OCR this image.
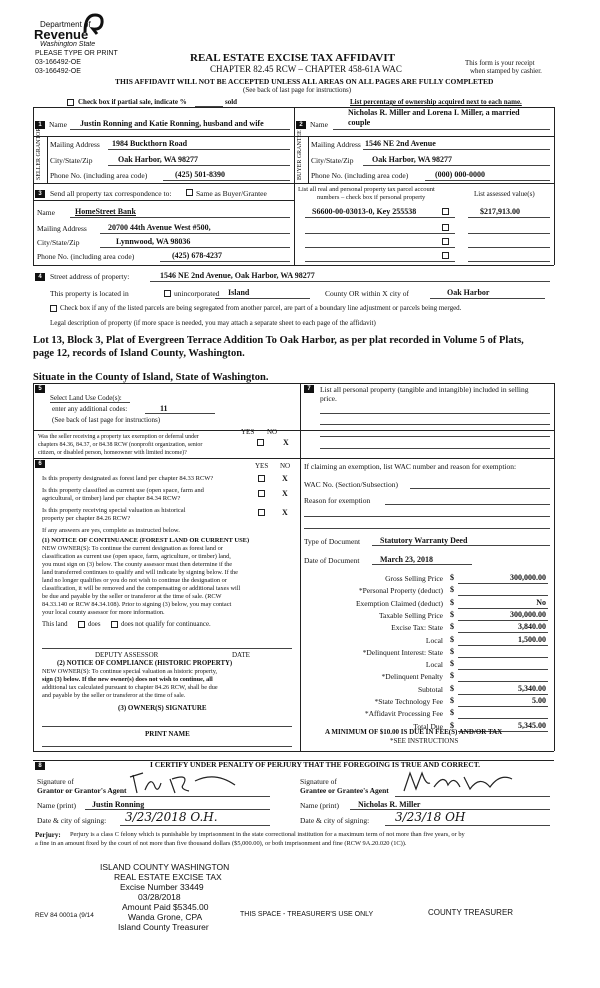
Department of
Revenue
Washington State
PLEASE TYPE OR PRINT
03-166492-OE
03-166492-OE
REAL ESTATE EXCISE TAX AFFIDAVIT
CHAPTER 82.45 RCW – CHAPTER 458-61A WAC
This form is your receipt
when stamped by cashier.
THIS AFFIDAVIT WILL NOT BE ACCEPTED UNLESS ALL AREAS ON ALL PAGES ARE FULLY COMPLETED
(See back of last page for instructions)
Check box if partial sale, indicate %	sold	List percentage of ownership acquired next to each name.
1 Name Justin Ronning and Katie Ronning, husband and wife
SELLER GRANTOR Mailing Address 1984 Buckthorn Road
City/State/Zip	Oak Harbor, WA 98277
Phone No. (including area code)	(425) 501-8390
2 Name
Nicholas R. Miller and Lorena I. Miller, a married
couple
BUYER GRANTEE Mailing Address 1546 NE 2nd Avenue
City/State/Zip Oak Harbor, WA 98277
Phone No. (including area code)	(000) 000-0000
3	Send all property tax correspondence to:	Same as Buyer/Grantee
Name	HomeStreet Bank
Mailing Address	20700 44th Avenue West #500,
City/State/Zip	Lynnwood, WA 98036
Phone No. (including area code)	(425) 678-4237
List all real and personal property tax parcel account
numbers – check box if personal property	List assessed value(s)
S6600-00-03013-0, Key 255538	$217,913.00
4	Street address of property:	1546 NE 2nd Avenue, Oak Harbor, WA 98277
This property is located in	unincorporated Island	County OR within X city of	Oak Harbor
Check box if any of the listed parcels are being segregated from another parcel, are part of a boundary line adjustment or parcels being merged.
Legal description of property (if more space is needed, you may attach a separate sheet to each page of the affidavit)
Lot 13, Block 3, Plat of Evergreen Terrace Addition To Oak Harbor, as per plat recorded in Volume 5 of Plats,
page 12, records of Island County, Washington.
Situate in the County of Island, State of Washington.
5
Select Land Use Code(s):
enter any additional codes:	11
(See back of last page for instructions)
YES NO
Was the seller receiving a property tax exemption or deferral under
chapters 84.36, 84.37, or 84.38 RCW (nonprofit organization, senior
citizen, or disabled person, homeowner with limited income)?
X
6	YES NO
Is this property designated as forest land per chapter 84.33 RCW?	X
Is this property classified as current use (open space, farm and
agricultural, or timber) land per chapter 84.34 RCW?
X
Is this property receiving special valuation as historical
property per chapter 84.26 RCW?
X
If any answers are yes, complete as instructed below.
(1) NOTICE OF CONTINUANCE (FOREST LAND OR CURRENT USE)
NEW OWNER(S): To continue the current designation as forest land or
classification as current use (open space, farm, agriculture, or timber) land,
you must sign on (3) below. The county assessor must then determine if the
land transferred continues to qualify and will indicate by signing below. If the
land no longer qualifies or you do not wish to continue the designation or
classification, it will be removed and the compensating or additional taxes will
be due and payable by the seller or transferor at the time of sale. (RCW
84.33.140 or RCW 84.34.108). Prior to signing (3) below, you may contact
your local county assessor for more information.
This land	does	does not qualify for continuance.
DEPUTY ASSESSOR	DATE
(2) NOTICE OF COMPLIANCE (HISTORIC PROPERTY)
NEW OWNER(S): To continue special valuation as historic property,
sign (3) below. If the new owner(s) does not wish to continue, all
additional tax calculated pursuant to chapter 84.26 RCW, shall be due
and payable by the seller or transferor at the time of sale.
(3) OWNER(S) SIGNATURE
PRINT NAME
7	List all personal property (tangible and intangible) included in selling
price.
If claiming an exemption, list WAC number and reason for exemption:
WAC No. (Section/Subsection)
Reason for exemption
Type of Document Statutory Warranty Deed
Date of Document	March 23, 2018
Gross Selling Price $	300,000.00
*Personal Property (deduct) $
Exemption Claimed (deduct) $	No
Taxable Selling Price $	300,000.00
Excise Tax: State $	3,840.00
Local $	1,500.00
*Delinquent Interest: State $
Local $
*Delinquent Penalty $
Subtotal $	5,340.00
*State Technology Fee $	5.00
*Affidavit Processing Fee $
Total Due $	5,345.00
A MINIMUM OF $10.00 IS DUE IN FEE(S) AND/OR TAX
*SEE INSTRUCTIONS
8	I CERTIFY UNDER PENALTY OF PERJURY THAT THE FOREGOING IS TRUE AND CORRECT.
Signature of
Grantor or Grantor's Agent
Signature of
Grantee or Grantee's Agent
Name (print) Justin Ronning	Name (print) Nicholas R. Miller
Date & city of signing: 3/23/2018 O.H.	Date & city of signing: 3/23/18 OH
Perjury: Perjury is a class C felony which is punishable by imprisonment in the state correctional institution for a maximum term of not more than five years, or by
a fine in an amount fixed by the court of not more than five thousand dollars ($5,000.00), or both imprisonment and fine (RCW 9A.20.020 (1C)).
ISLAND COUNTY WASHINGTON
REAL ESTATE EXCISE TAX
Excise Number 33449
03/28/2018
Amount Paid $5345.00
Wanda Grone, CPA
Island County Treasurer
REV 84 0001a (9/14	THIS SPACE - TREASURER'S USE ONLY	COUNTY TREASURER
